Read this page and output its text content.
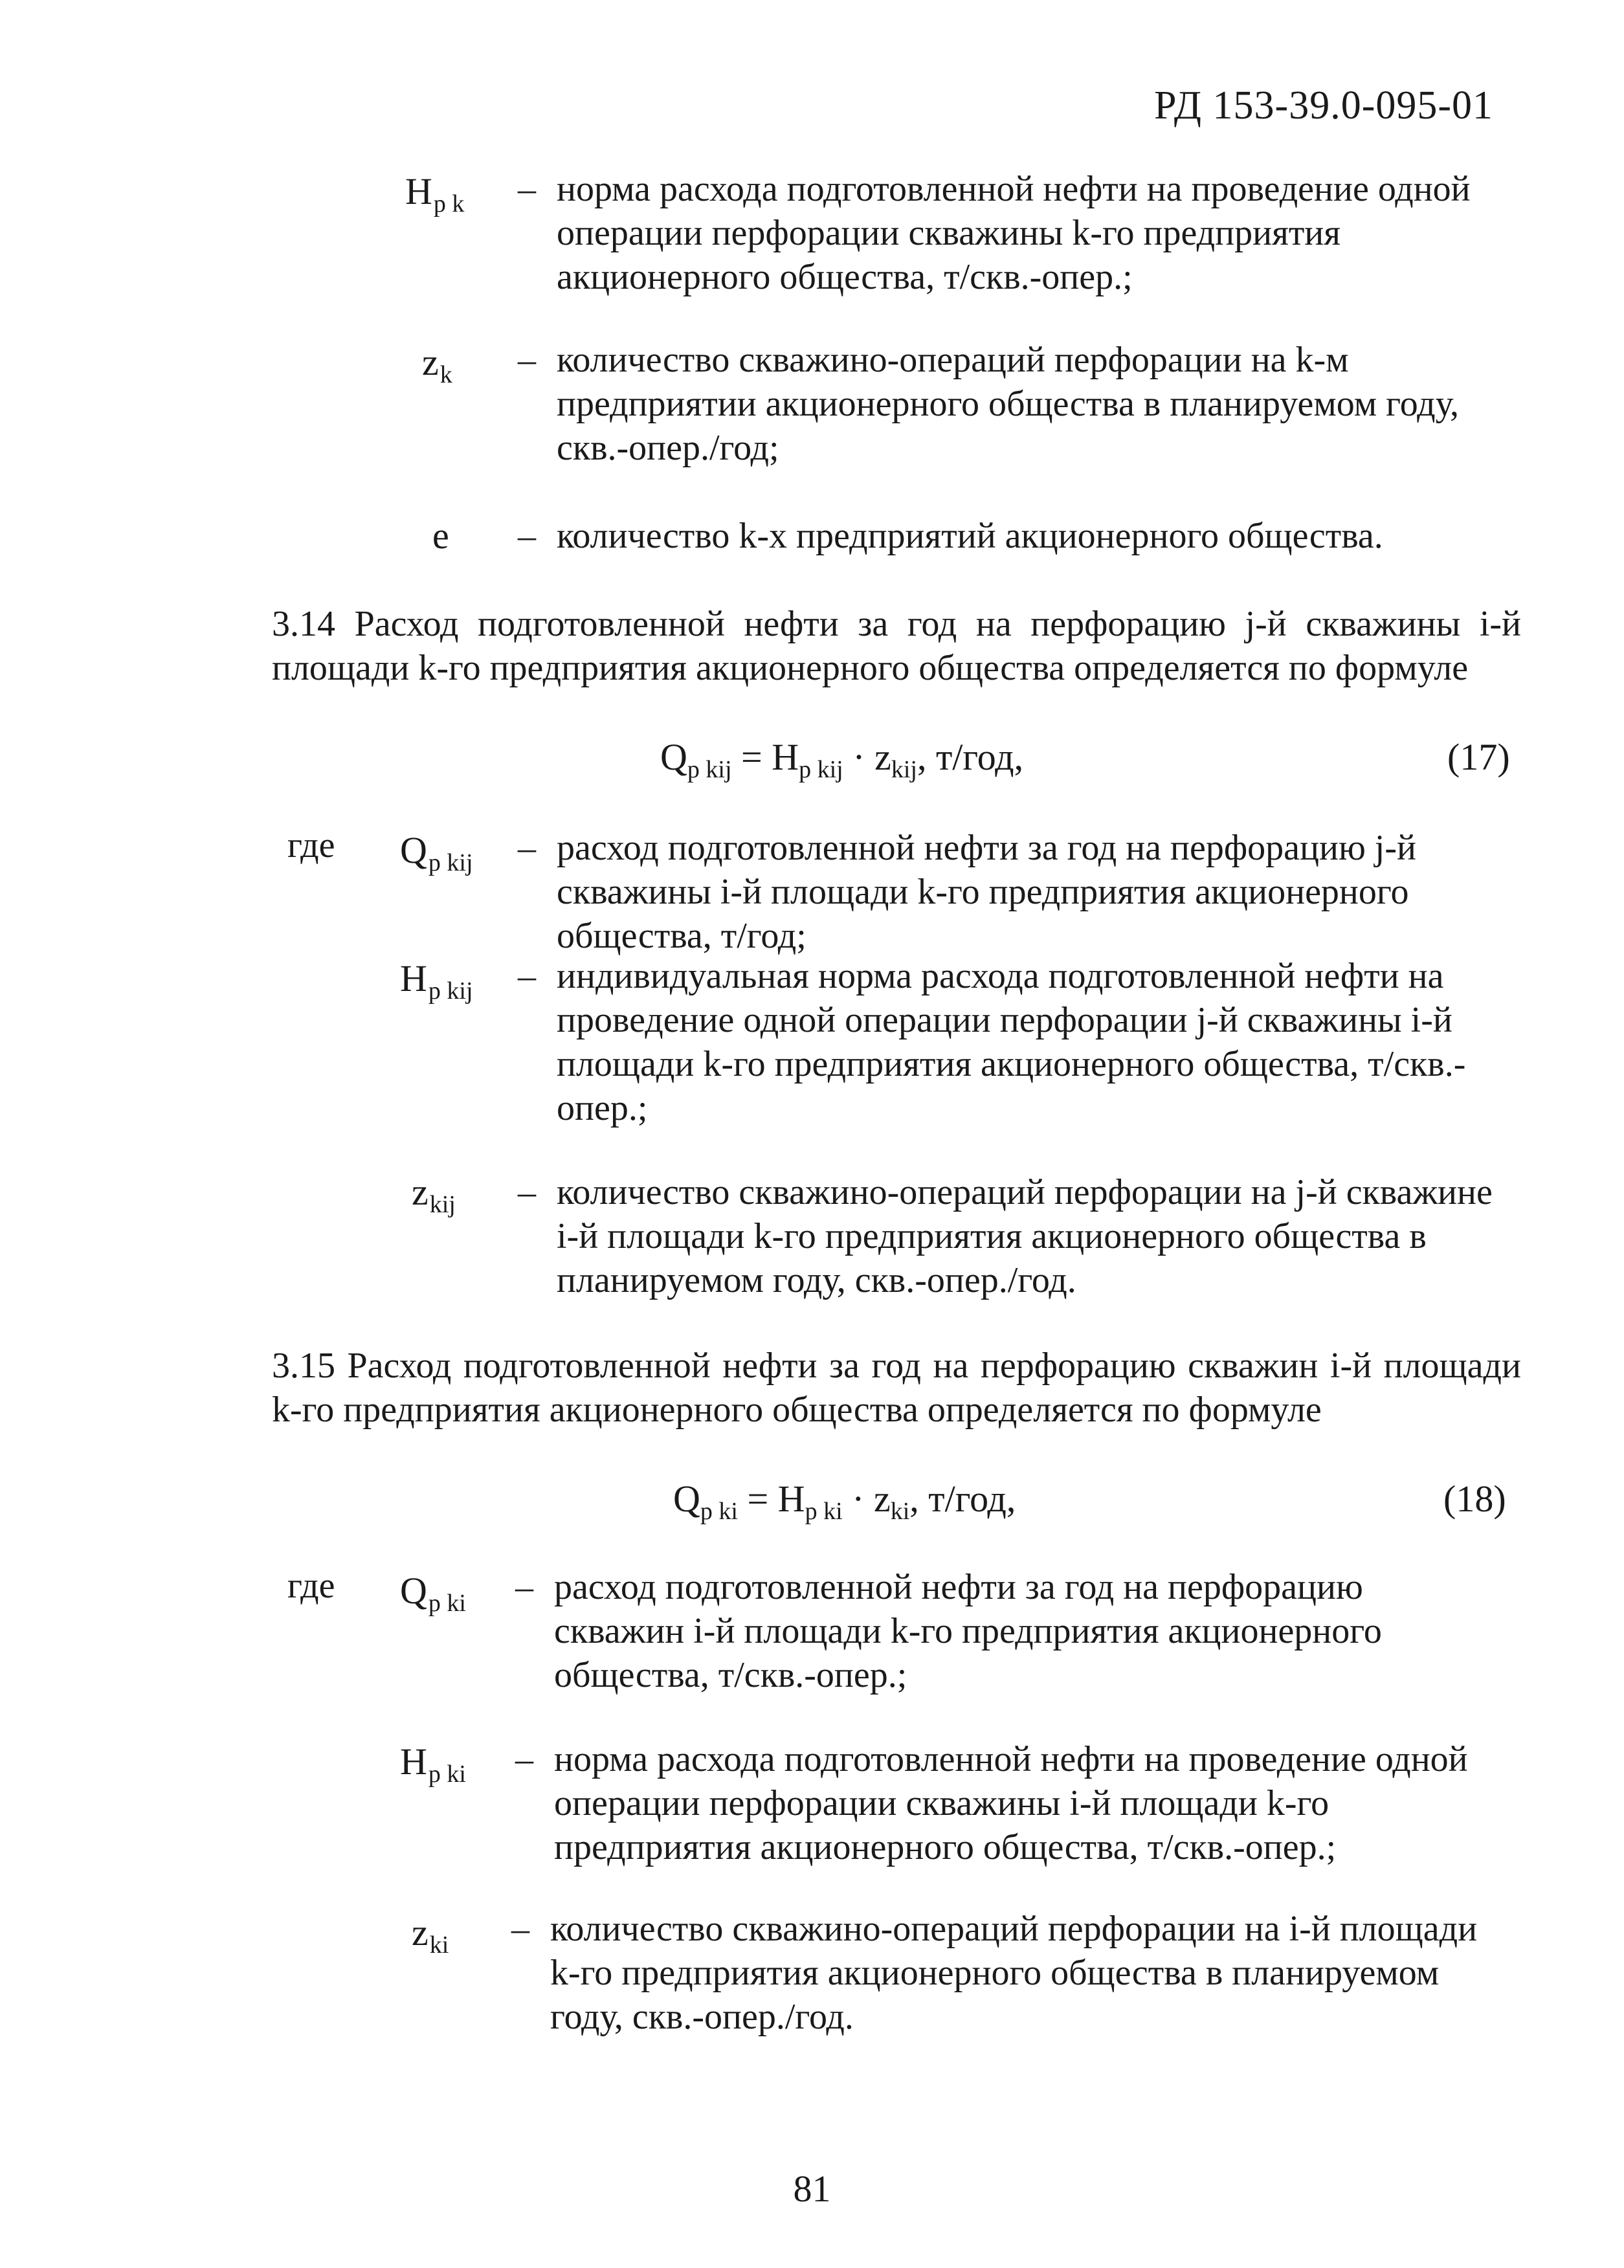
РД 153-39.0-095-01
$H_{p k}$ – норма расхода подготовленной нефти на проведение одной операции перфорации скважины k-го предприятия акционерного общества, т/скв.-опер.;
$z_k$ – количество скважино-операций перфорации на k-м предприятии акционерного общества в планируемом году, скв.-опер./год;
e – количество k-х предприятий акционерного общества.
3.14 Расход подготовленной нефти за год на перфорацию j-й скважины i-й площади k-го предприятия акционерного общества определяется по формуле
$Q_{p kij} = H_{p kij} \cdot z_{kij}$, т/год,	(17)
где $Q_{p kij}$ – расход подготовленной нефти за год на перфорацию j-й скважины i-й площади k-го предприятия акционерного общества, т/год;
$H_{p kij}$ – индивидуальная норма расхода подготовленной нефти на проведение одной операции перфорации j-й скважины i-й площади k-го предприятия акционерного общества, т/скв.-опер.;
$z_{kij}$ – количество скважино-операций перфорации на j-й скважине i-й площади k-го предприятия акционерного общества в планируемом году, скв.-опер./год.
3.15 Расход подготовленной нефти за год на перфорацию скважин i-й площади k-го предприятия акционерного общества определяется по формуле
$Q_{p ki} = H_{p ki} \cdot z_{ki}$, т/год,	(18)
где $Q_{p ki}$ – расход подготовленной нефти за год на перфорацию скважин i-й площади k-го предприятия акционерного общества, т/скв.-опер.;
$H_{p ki}$ – норма расхода подготовленной нефти на проведение одной операции перфорации скважины i-й площади k-го предприятия акционерного общества, т/скв.-опер.;
$z_{ki}$ – количество скважино-операций перфорации на i-й площади k-го предприятия акционерного общества в планируемом году, скв.-опер./год.
81
